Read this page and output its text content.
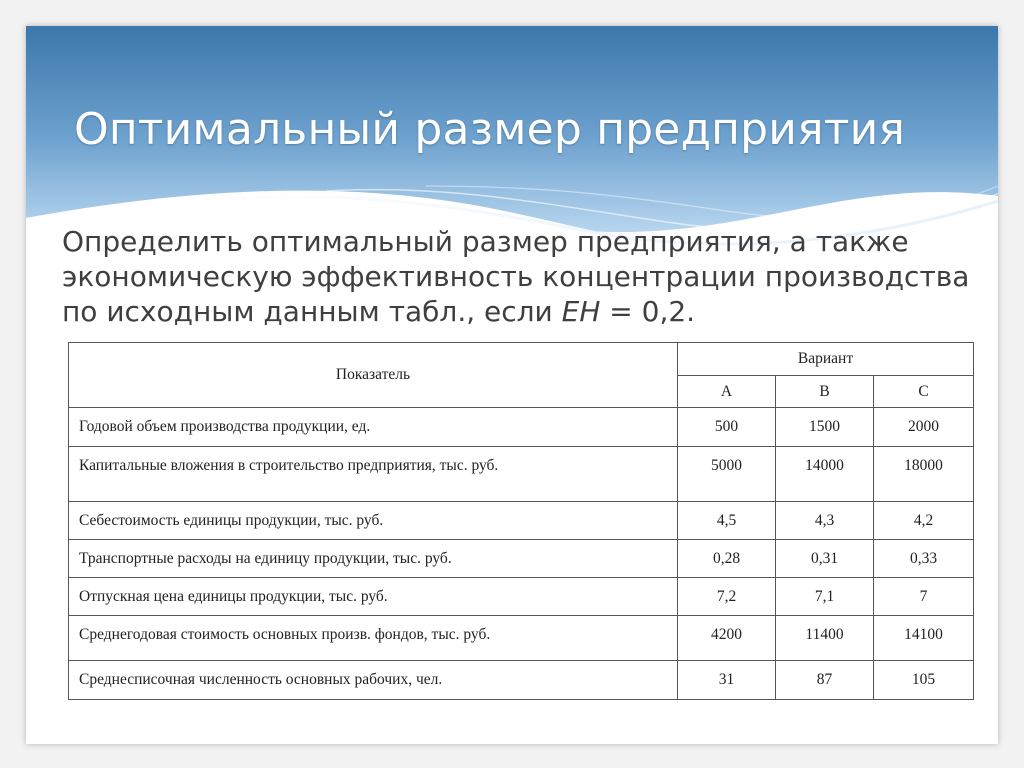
Оптимальный размер предприятия

Определить оптимальный размер предприятия, а также экономическую эффективность концентрации производства по исходным данным табл., если ЕН = 0,2.

Показатель	Вариант		
	A	B	C
Годовой объем производства продукции, ед.	500	1500	2000
Капитальные вложения в строительство предприятия, тыс. руб.	5000	14000	18000
Себестоимость единицы продукции, тыс. руб.	4,5	4,3	4,2
Транспортные расходы на единицу продукции, тыс. руб.	0,28	0,31	0,33
Отпускная цена единицы продукции, тыс. руб.	7,2	7,1	7
Среднегодовая стоимость основных произв. фондов, тыс. руб.	4200	11400	14100
Среднесписочная численность основных рабочих, чел.	31	87	105
